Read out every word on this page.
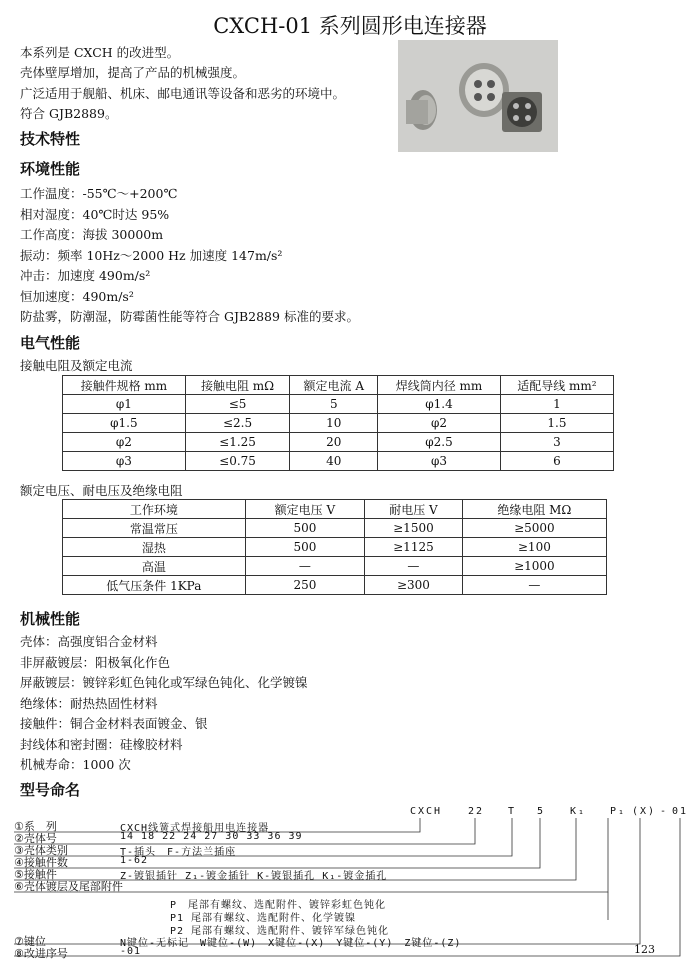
CXCH-01 系列圆形电连接器
本系列是 CXCH 的改进型。
壳体壁厚增加，提高了产品的机械强度。
广泛适用于舰船、机床、邮电通讯等设备和恶劣的环境中。
符合 GJB2889。
技术特性
环境性能
工作温度：-55℃～+200℃
相对湿度：40℃时达 95%
工作高度：海拔 30000m
振动：频率 10Hz～2000 Hz 加速度 147m/s²
冲击：加速度 490m/s²
恒加速度：490m/s²
防盐雾，防潮湿，防霉菌性能等符合 GJB2889 标准的要求。
电气性能
接触电阻及额定电流
接触件规格 mm	接触电阻 mΩ	额定电流 A	焊线筒内径 mm	适配导线 mm²
φ1	≤5	5	φ1.4	1
φ1.5	≤2.5	10	φ2	1.5
φ2	≤1.25	20	φ2.5	3
φ3	≤0.75	40	φ3	6
额定电压、耐电压及绝缘电阻
工作环境	额定电压 V	耐电压 V	绝缘电阻 MΩ
常温常压	500	≥1500	≥5000
湿热	500	≥1125	≥100
高温	—	—	≥1000
低气压条件 1KPa	250	≥300	—
机械性能
壳体：高强度铝合金材料
非屏蔽镀层：阳极氧化作色
屏蔽镀层：镀锌彩虹色钝化或军绿色钝化、化学镀镍
绝缘体：耐热热固性材料
接触件：铜合金材料表面镀金、银
封线体和密封圈：硅橡胶材料
机械寿命：1000 次
型号命名
CXCH	22 T 5 K₁ P₁ (X) - 01
①系　列	CXCH线簧式焊接船用电连接器
②壳体号	14 18 22 24 27 30 33 36 39
③壳体类别	T-插头　F-方法兰插座
④接触件数	1-62
⑤接触件	Z-镀银插针 Z₁-镀金插针 K-镀银插孔 K₁-镀金插孔
⑥壳体镀层及尾部附件
P　尾部有螺纹、选配附件、镀锌彩虹色钝化
P1 尾部有螺纹、选配附件、化学镀镍
P2 尾部有螺纹、选配附件、镀锌军绿色钝化
⑦键位	N键位-无标记　W键位-(W)　X键位-(X)　Y键位-(Y)　Z键位-(Z)
⑧改进序号	-01	123
